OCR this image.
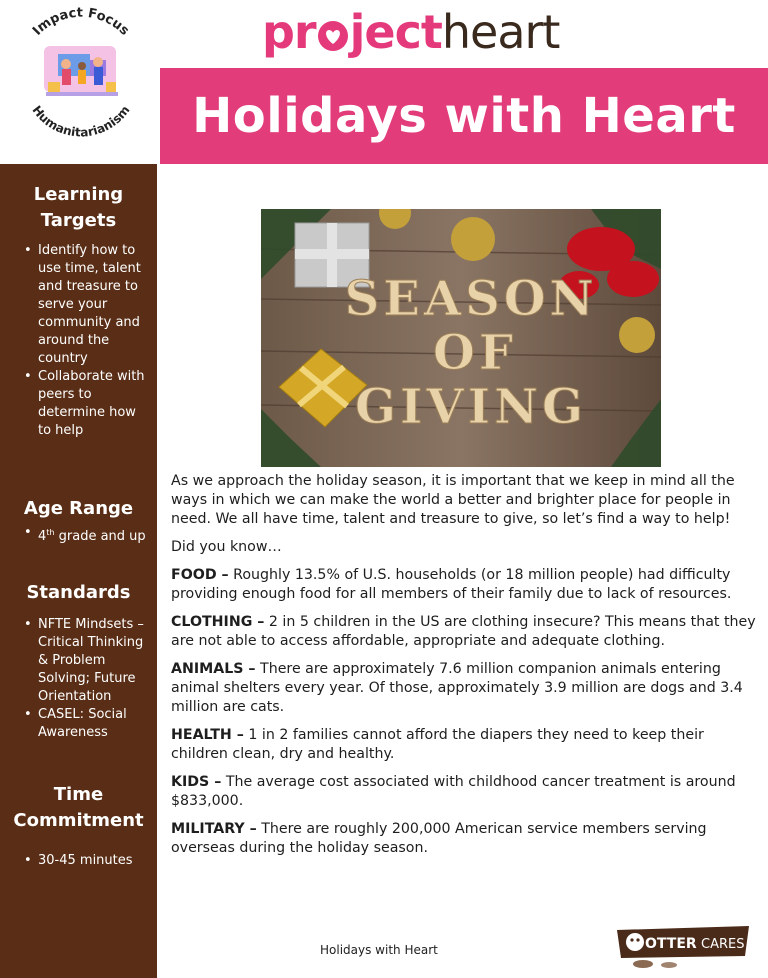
Impact Focus
Humanitarianism
pr jectheart
Holidays with Heart
Learning
Targets
• Identify how to use time, talent and treasure to serve your community and around the country
• Collaborate with peers to determine how to help
Age Range
• 4th grade and up
Standards
• NFTE Mindsets – Critical Thinking & Problem Solving; Future Orientation
• CASEL: Social Awareness
Time
Commitment
• 30-45 minutes
SEASON
OF
GIVING

As we approach the holiday season, it is important that we keep in mind all the ways in which we can make the world a better and brighter place for people in need. We all have time, talent and treasure to give, so let’s find a way to help!

Did you know…

FOOD – Roughly 13.5% of U.S. households (or 18 million people) had difficulty providing enough food for all members of their family due to lack of resources.

CLOTHING – 2 in 5 children in the US are clothing insecure? This means that they are not able to access affordable, appropriate and adequate clothing.

ANIMALS – There are approximately 7.6 million companion animals entering animal shelters every year. Of those, approximately 3.9 million are dogs and 3.4 million are cats.

HEALTH – 1 in 2 families cannot afford the diapers they need to keep their children clean, dry and healthy.

KIDS – The average cost associated with childhood cancer treatment is around $833,000.

MILITARY – There are roughly 200,000 American service members serving overseas during the holiday season.

Holidays with Heart	OTTER CARES
